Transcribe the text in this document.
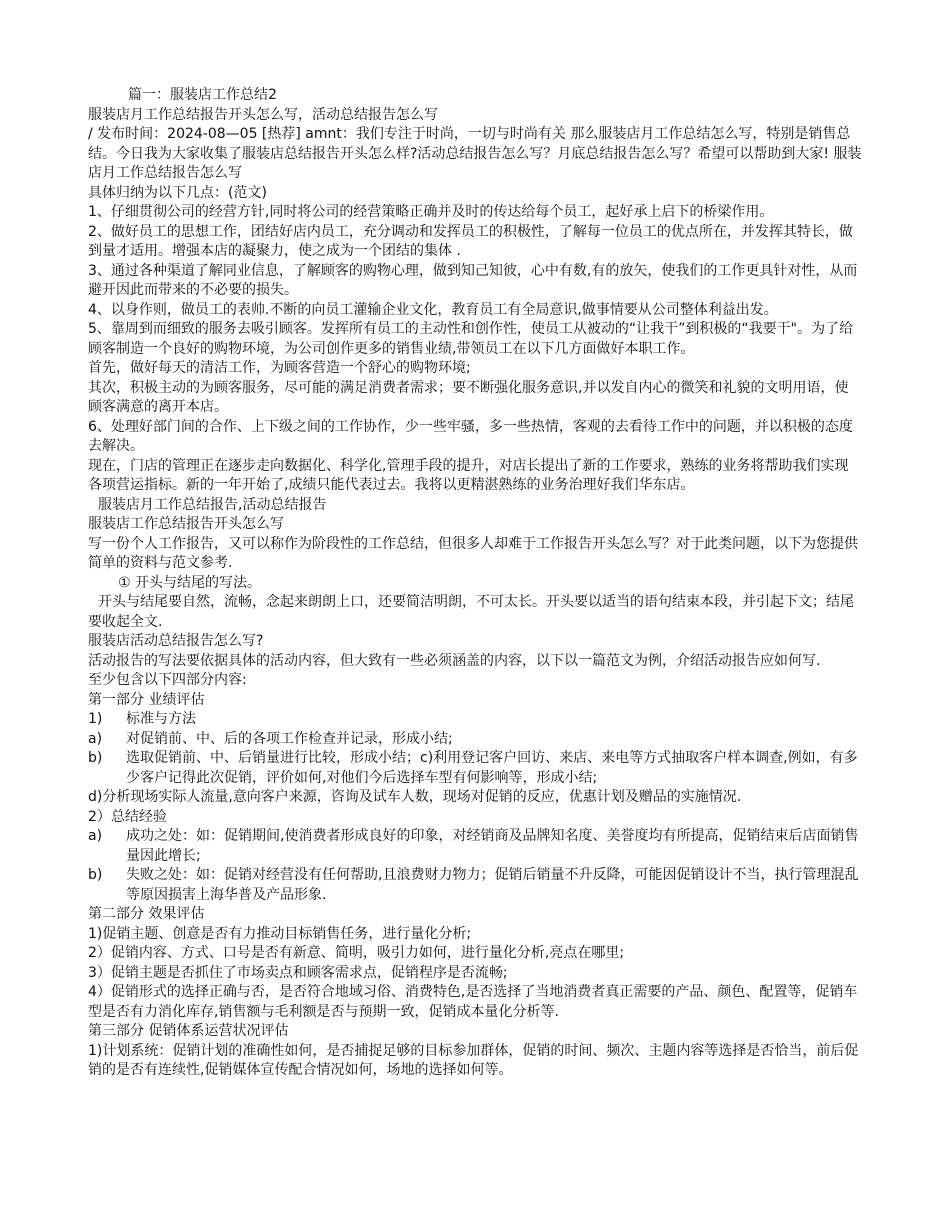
篇一：服装店工作总结2

服装店月工作总结报告开头怎么写，活动总结报告怎么写

/ 发布时间：2024-08—05 [热荐] amnt：我们专注于时尚，一切与时尚有关 那么服装店月工作总结怎么写，特别是销售总结。今日我为大家收集了服装店总结报告开头怎么样?活动总结报告怎么写？月底总结报告怎么写？希望可以帮助到大家! 服装店月工作总结报告怎么写

具体归纳为以下几点：(范文)

1、仔细贯彻公司的经营方针,同时将公司的经营策略正确并及时的传达给每个员工，起好承上启下的桥梁作用。

2、做好员工的思想工作，团结好店内员工，充分调动和发挥员工的积极性，了解每一位员工的优点所在，并发挥其特长，做到量才适用。增强本店的凝聚力，使之成为一个团结的集体 .

3、通过各种渠道了解同业信息，了解顾客的购物心理，做到知己知彼，心中有数,有的放矢，使我们的工作更具针对性，从而避开因此而带来的不必要的损失。

4、以身作则，做员工的表帅.不断的向员工灌输企业文化，教育员工有全局意识,做事情要从公司整体利益出发。

5、靠周到而细致的服务去吸引顾客。发挥所有员工的主动性和创作性，使员工从被动的“让我干”到积极的“我要干"。为了给顾客制造一个良好的购物环境，为公司创作更多的销售业绩,带领员工在以下几方面做好本职工作。

首先，做好每天的清洁工作，为顾客营造一个舒心的购物环境;

其次，积极主动的为顾客服务，尽可能的满足消费者需求；要不断强化服务意识,并以发自内心的微笑和礼貌的文明用语，使顾客满意的离开本店。

6、处理好部门间的合作、上下级之间的工作协作，少一些牢骚，多一些热情，客观的去看待工作中的问题，并以积极的态度去解决。

现在，门店的管理正在逐步走向数据化、科学化,管理手段的提升，对店长提出了新的工作要求，熟练的业务将帮助我们实现各项营运指标。新的一年开始了,成绩只能代表过去。我将以更精湛熟练的业务治理好我们华东店。

服装店月工作总结报告,活动总结报告

服装店工作总结报告开头怎么写

写一份个人工作报告，又可以称作为阶段性的工作总结，但很多人却难于工作报告开头怎么写？对于此类问题，以下为您提供简单的资料与范文参考.

① 开头与结尾的写法。

开头与结尾要自然，流畅，念起来朗朗上口，还要简洁明朗，不可太长。开头要以适当的语句结束本段，并引起下文；结尾要收起全文.

服装店活动总结报告怎么写?

活动报告的写法要依据具体的活动内容，但大致有一些必须涵盖的内容，以下以一篇范文为例，介绍活动报告应如何写.

至少包含以下四部分内容:

第一部分 业绩评估

1) 标准与方法

a) 对促销前、中、后的各项工作检查并记录，形成小结;

b) 选取促销前、中、后销量进行比较，形成小结；c)利用登记客户回访、来店、来电等方式抽取客户样本调查,例如，有多少客户记得此次促销，评价如何,对他们今后选择车型有何影响等，形成小结;

d)分析现场实际人流量,意向客户来源，咨询及试车人数，现场对促销的反应，优惠计划及赠品的实施情况.

2）总结经验

a) 成功之处：如：促销期间,使消费者形成良好的印象，对经销商及品牌知名度、美誉度均有所提高，促销结束后店面销售量因此增长;

b) 失败之处：如：促销对经营没有任何帮助,且浪费财力物力；促销后销量不升反降，可能因促销设计不当，执行管理混乱等原因损害上海华普及产品形象.

第二部分 效果评估

1)促销主题、创意是否有力推动目标销售任务，进行量化分析;

2）促销内容、方式、口号是否有新意、简明，吸引力如何，进行量化分析,亮点在哪里;

3）促销主题是否抓住了市场卖点和顾客需求点，促销程序是否流畅;

4）促销形式的选择正确与否，是否符合地域习俗、消费特色,是否选择了当地消费者真正需要的产品、颜色、配置等，促销车型是否有力消化库存,销售额与毛利额是否与预期一致，促销成本量化分析等.

第三部分 促销体系运营状况评估

1)计划系统：促销计划的准确性如何，是否捕捉足够的目标参加群体，促销的时间、频次、主题内容等选择是否恰当，前后促销的是否有连续性,促销媒体宣传配合情况如何，场地的选择如何等。
